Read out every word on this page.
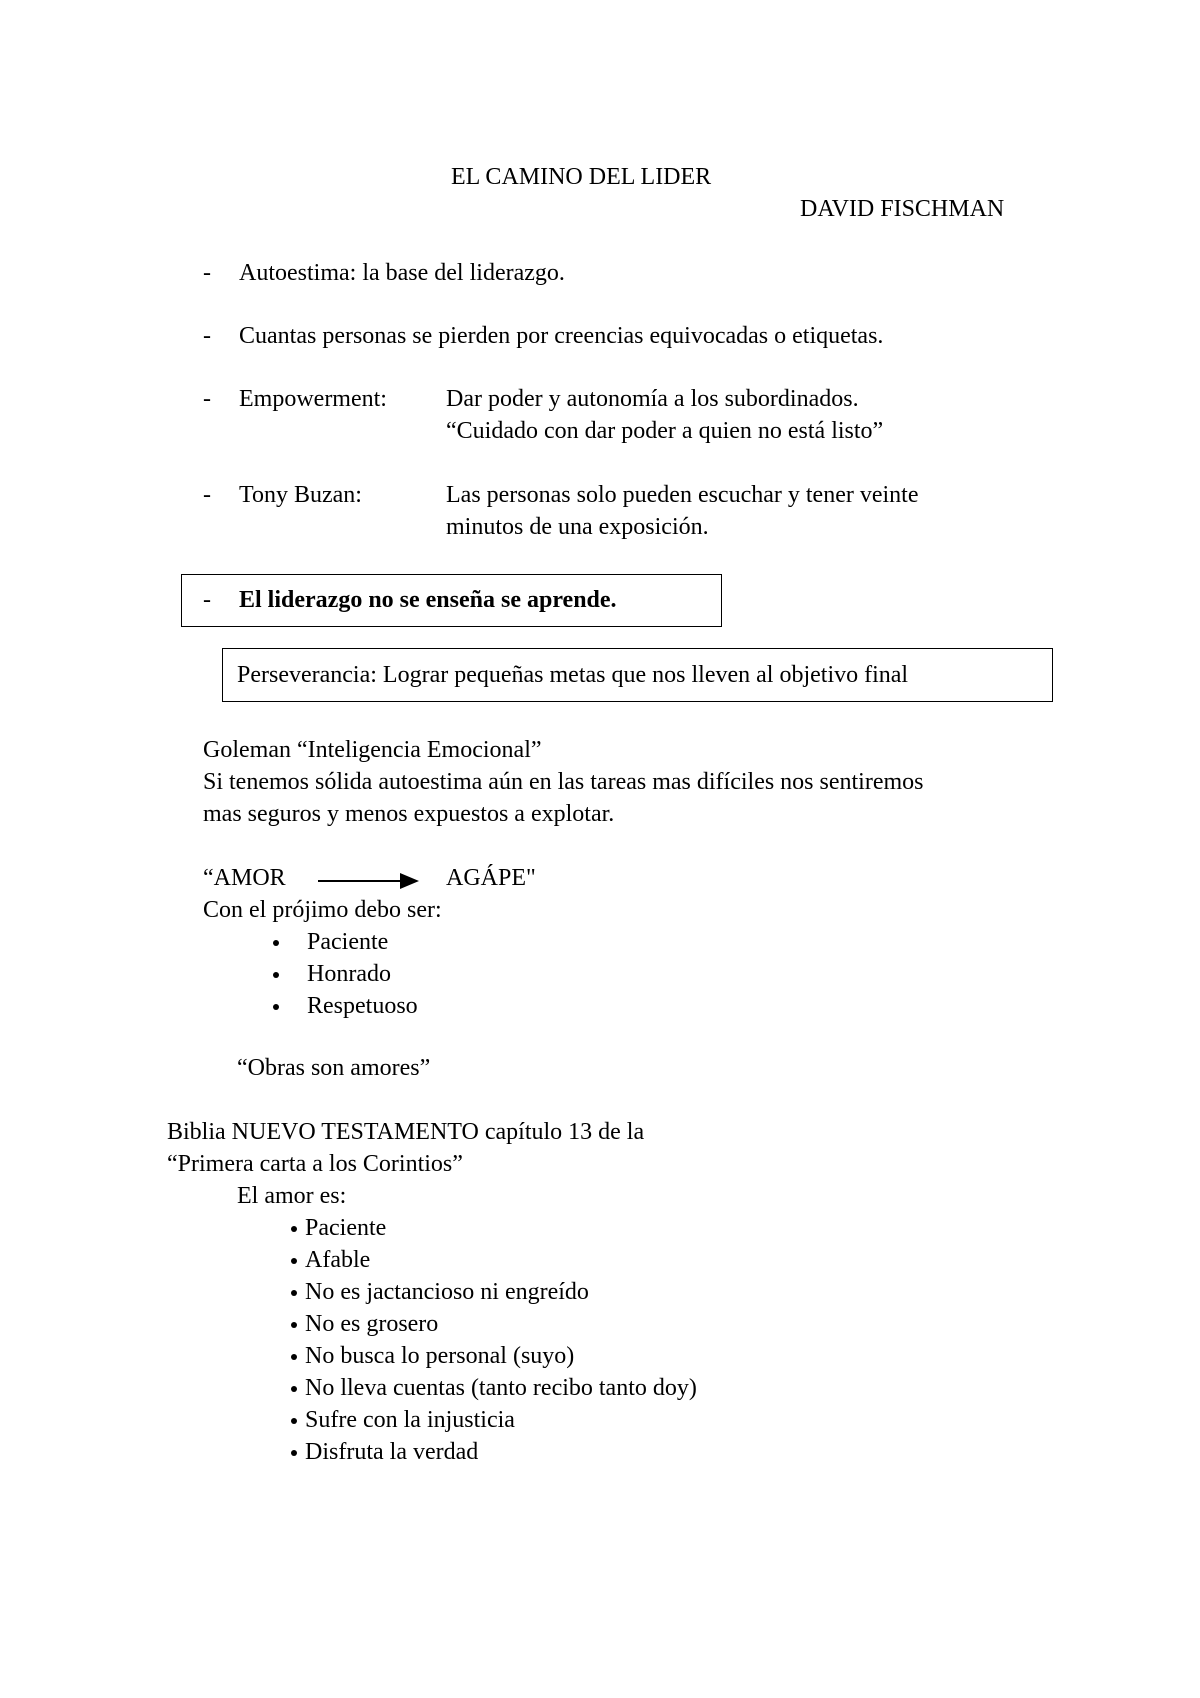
EL CAMINO DEL LIDER
DAVID FISCHMAN
- Autoestima: la base del liderazgo.
- Cuantas personas se pierden por creencias equivocadas o etiquetas.
- Empowerment: Dar poder y autonomía a los subordinados.
“Cuidado con dar poder a quien no está listo”
- Tony Buzan:	Las personas solo pueden escuchar y tener veinte
minutos de una exposición.
- El liderazgo no se enseña se aprende.
Perseverancia: Lograr pequeñas metas que nos lleven al objetivo final
Goleman “Inteligencia Emocional”
Si tenemos sólida autoestima aún en las tareas mas difíciles nos sentiremos
mas seguros y menos expuestos a explotar.
“AMOR	AGÁPE"
Con el prójimo debo ser:
Paciente
Honrado
Respetuoso
“Obras son amores”
Biblia NUEVO TESTAMENTO capítulo 13 de la
“Primera carta a los Corintios”
El amor es:
Paciente
Afable
No es jactancioso ni engreído
No es grosero
No busca lo personal (suyo)
No lleva cuentas (tanto recibo tanto doy)
Sufre con la injusticia
Disfruta la verdad
